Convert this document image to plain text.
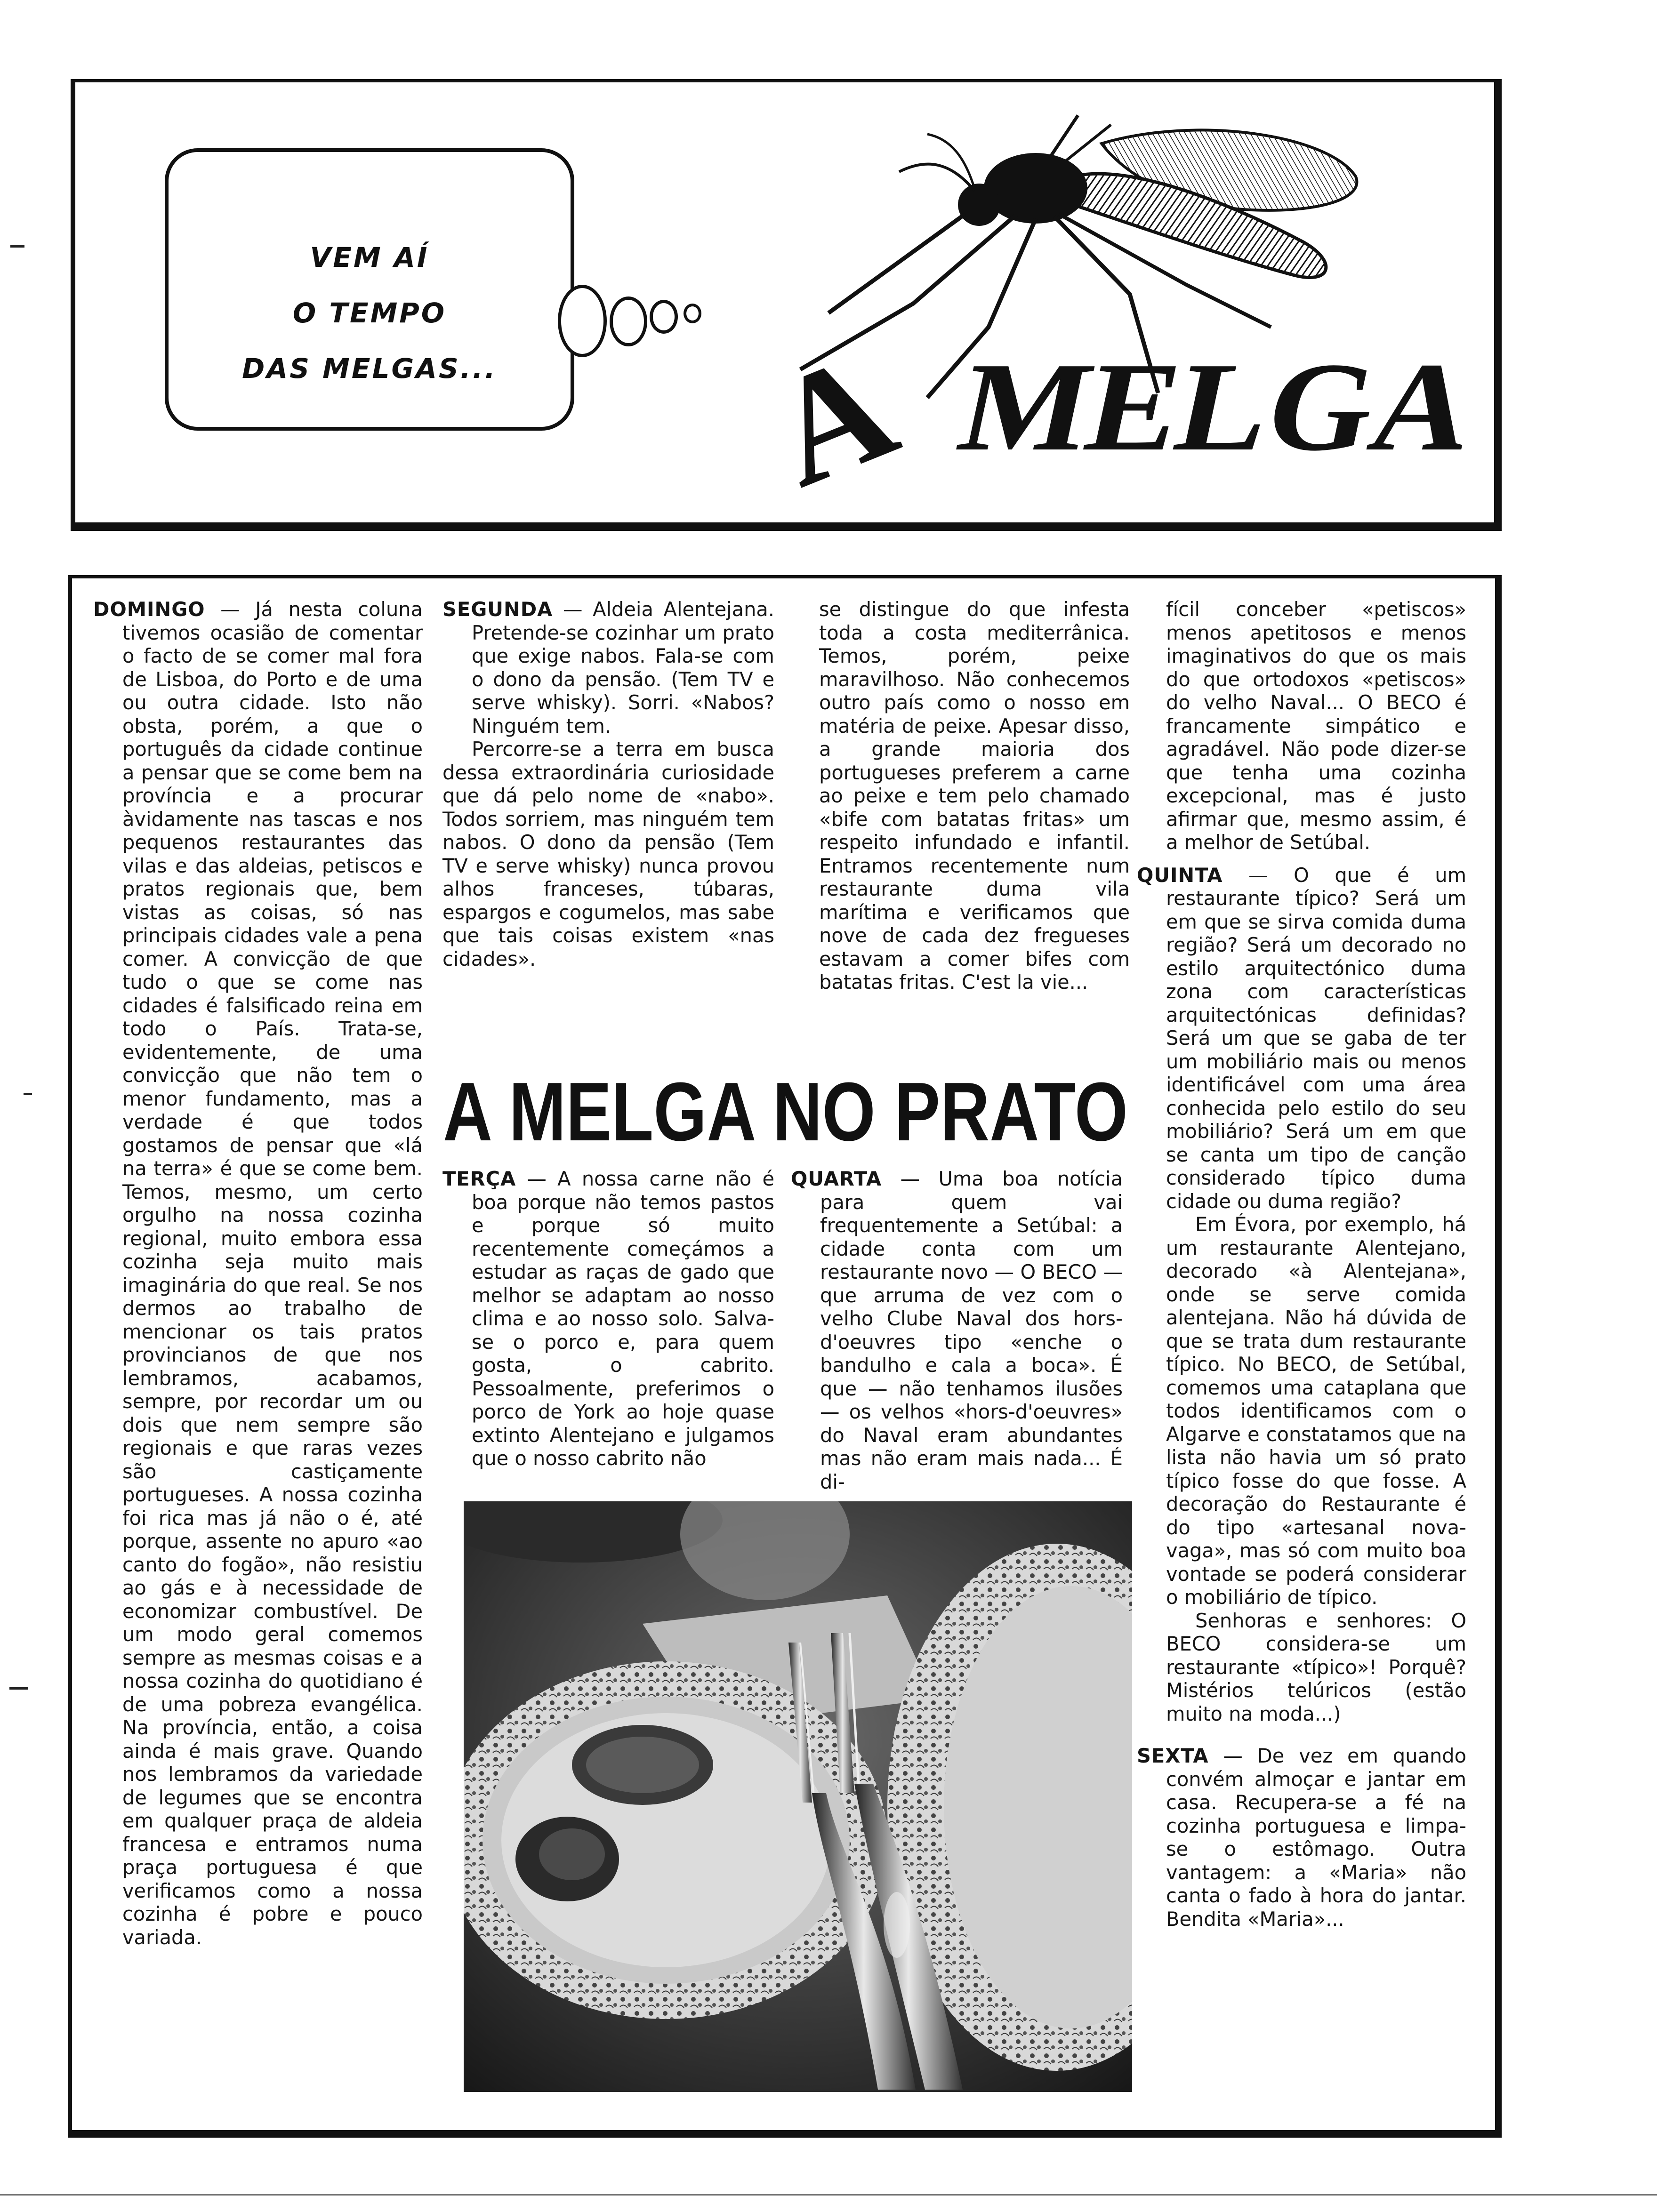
VEM AÍ
O TEMPO
DAS MELGAS...	A MELGA

DOMINGO — Já nesta coluna tivemos ocasião de comentar o facto de se comer mal fora de Lisboa, do Porto e de uma ou outra cidade. Isto não obsta, porém, a que o português da cidade continue a pensar que se come bem na província e a procurar àvidamente nas tascas e nos pequenos restaurantes das vilas e das aldeias, petiscos e pratos regionais que, bem vistas as coisas, só nas principais cidades vale a pena comer. A convicção de que tudo o que se come nas cidades é falsificado reina em todo o País. Trata-se, evidentemente, de uma convicção que não tem o menor fundamento, mas a verdade é que todos gostamos de pensar que «lá na terra» é que se come bem. Temos, mesmo, um certo orgulho na nossa cozinha regional, muito embora essa cozinha seja muito mais imaginária do que real. Se nos dermos ao trabalho de mencionar os tais pratos provincianos de que nos lembramos, acabamos, sempre, por recordar um ou dois que nem sempre são regionais e que raras vezes são castiçamente portugueses. A nossa cozinha foi rica mas já não o é, até porque, assente no apuro «ao canto do fogão», não resistiu ao gás e à necessidade de economizar combustível. De um modo geral comemos sempre as mesmas coisas e a nossa cozinha do quotidiano é de uma pobreza evangélica. Na província, então, a coisa ainda é mais grave. Quando nos lembramos da variedade de legumes que se encontra em qualquer praça de aldeia francesa e entramos numa praça portuguesa é que verificamos como a nossa cozinha é pobre e pouco variada.

SEGUNDA — Aldeia Alentejana. Pretende-se cozinhar um prato que exige nabos. Fala-se com o dono da pensão. (Tem TV e serve whisky). Sorri. «Nabos? Ninguém tem.

Percorre-se a terra em busca dessa extraordinária curiosidade que dá pelo nome de «nabo». Todos sorriem, mas ninguém tem nabos. O dono da pensão (Tem TV e serve whisky) nunca provou alhos franceses, túbaras, espargos e cogumelos, mas sabe que tais coisas existem «nas cidades».

se distingue do que infesta toda a costa mediterrânica. Temos, porém, peixe maravilhoso. Não conhecemos outro país como o nosso em matéria de peixe. Apesar disso, a grande maioria dos portugueses preferem a carne ao peixe e tem pelo chamado «bife com batatas fritas» um respeito infundado e infantil. Entramos recentemente num restaurante duma vila marítima e verificamos que nove de cada dez fregueses estavam a comer bifes com batatas fritas. C'est la vie...

fícil conceber «petiscos» menos apetitosos e menos imaginativos do que os mais do que ortodoxos «petiscos» do velho Naval... O BECO é francamente simpático e agradável. Não pode dizer-se que tenha uma cozinha excepcional, mas é justo afirmar que, mesmo assim, é a melhor de Setúbal.

QUINTA — O que é um restaurante típico? Será um em que se sirva comida duma região? Será um decorado no estilo arquitectónico duma zona com características arquitectónicas definidas? Será um que se gaba de ter um mobiliário mais ou menos identificável com uma área conhecida pelo estilo do seu mobiliário? Será um em que se canta um tipo de canção considerado típico duma cidade ou duma região?

Em Évora, por exemplo, há um restaurante Alentejano, decorado «à Alentejana», onde se serve comida alentejana. Não há dúvida de que se trata dum restaurante típico. No BECO, de Setúbal, comemos uma cataplana que todos identificamos com o Algarve e constatamos que na lista não havia um só prato típico fosse do que fosse. A decoração do Restaurante é do tipo «artesanal nova-vaga», mas só com muito boa vontade se poderá considerar o mobiliário de típico.

Senhoras e senhores: O BECO considera-se um restaurante «típico»! Porquê? Mistérios telúricos (estão muito na moda...)

SEXTA — De vez em quando convém almoçar e jantar em casa. Recupera-se a fé na cozinha portuguesa e limpa-se o estômago. Outra vantagem: a «Maria» não canta o fado à hora do jantar. Bendita «Maria»...

A MELGA NO PRATO

TERÇA — A nossa carne não é boa porque não temos pastos e porque só muito recentemente começámos a estudar as raças de gado que melhor se adaptam ao nosso clima e ao nosso solo. Salva-se o porco e, para quem gosta, o cabrito. Pessoalmente, preferimos o porco de York ao hoje quase extinto Alentejano e julgamos que o nosso cabrito não

QUARTA — Uma boa notícia para quem vai frequentemente a Setúbal: a cidade conta com um restaurante novo — O BECO — que arruma de vez com o velho Clube Naval dos hors-d'oeuvres tipo «enche o bandulho e cala a boca». É que — não tenhamos ilusões — os velhos «hors-d'oeuvres» do Naval eram abundantes mas não eram mais nada... É di-
